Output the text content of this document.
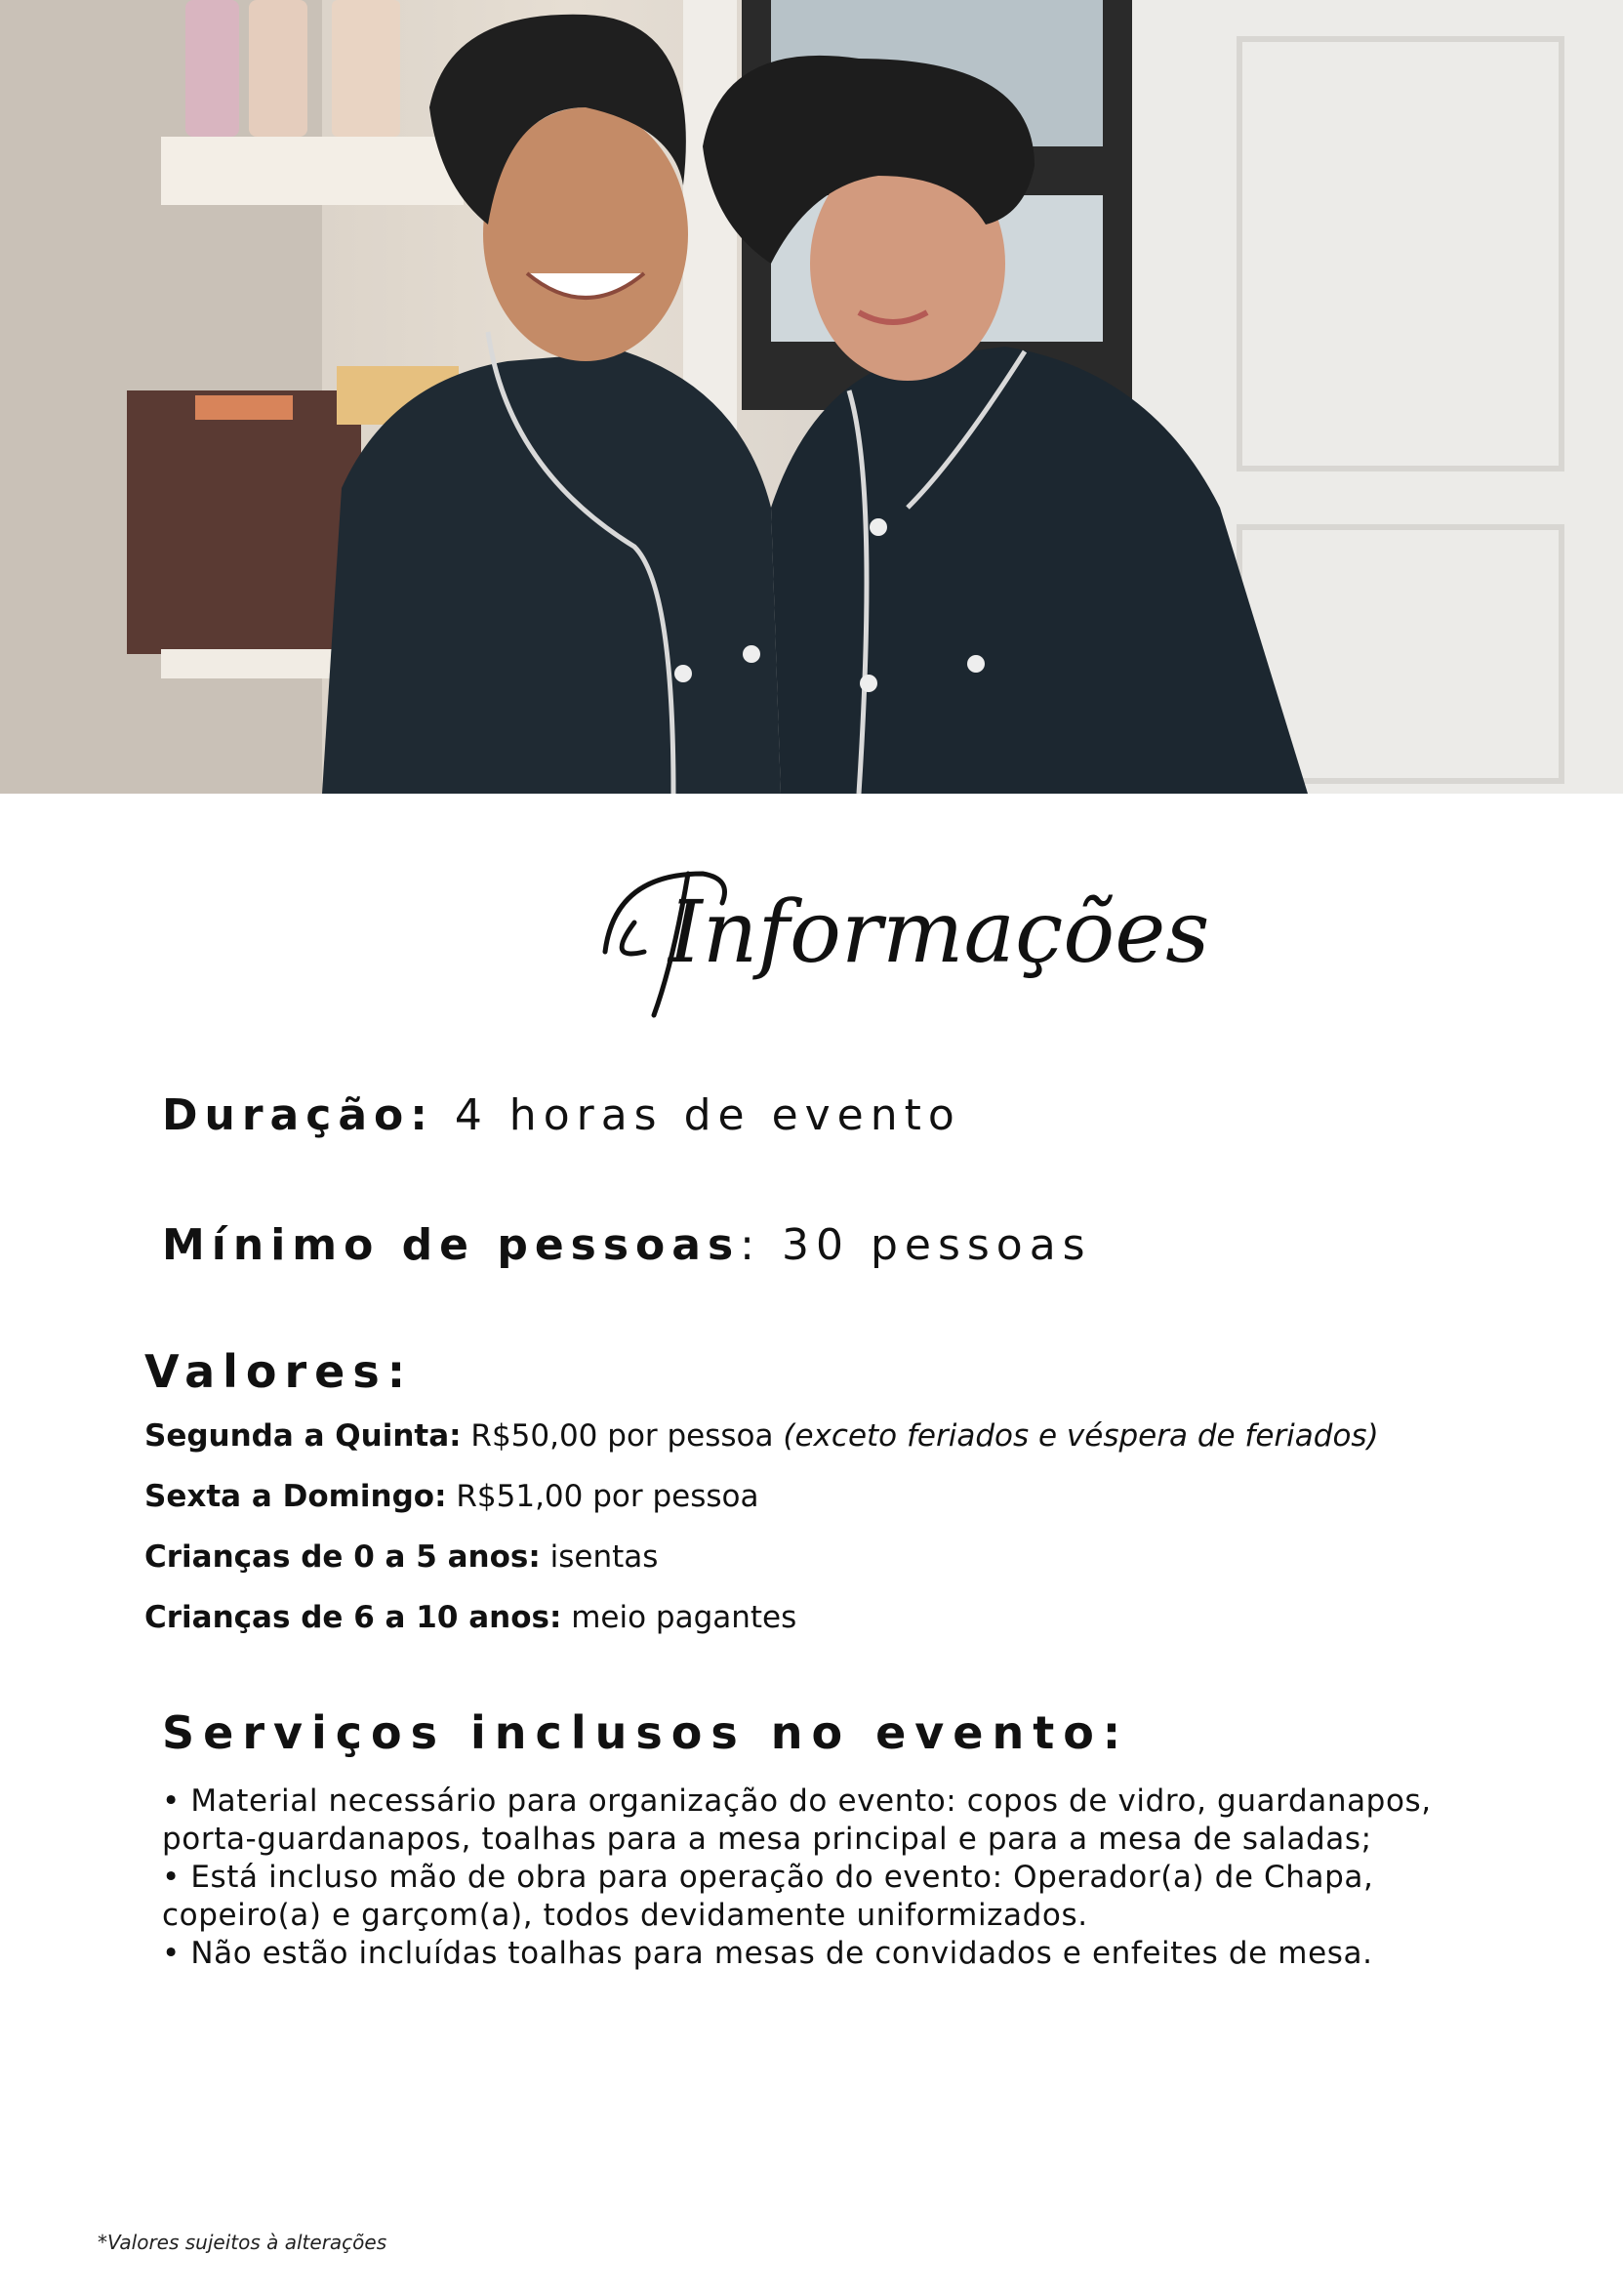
Informações
Duração: 4 horas de evento
Mínimo de pessoas: 30 pessoas
Valores:
Segunda a Quinta: R$50,00 por pessoa (exceto feriados e véspera de feriados)
Sexta a Domingo: R$51,00 por pessoa
Crianças de 0 a 5 anos: isentas
Crianças de 6 a 10 anos: meio pagantes
Serviços inclusos no evento:

• Material necessário para organização do evento: copos de vidro, guardanapos, porta-guardanapos, toalhas para a mesa principal e para a mesa de saladas;

• Está incluso mão de obra para operação do evento: Operador(a) de Chapa, copeiro(a) e garçom(a), todos devidamente uniformizados.

• Não estão incluídas toalhas para mesas de convidados e enfeites de mesa.

*Valores sujeitos à alterações
